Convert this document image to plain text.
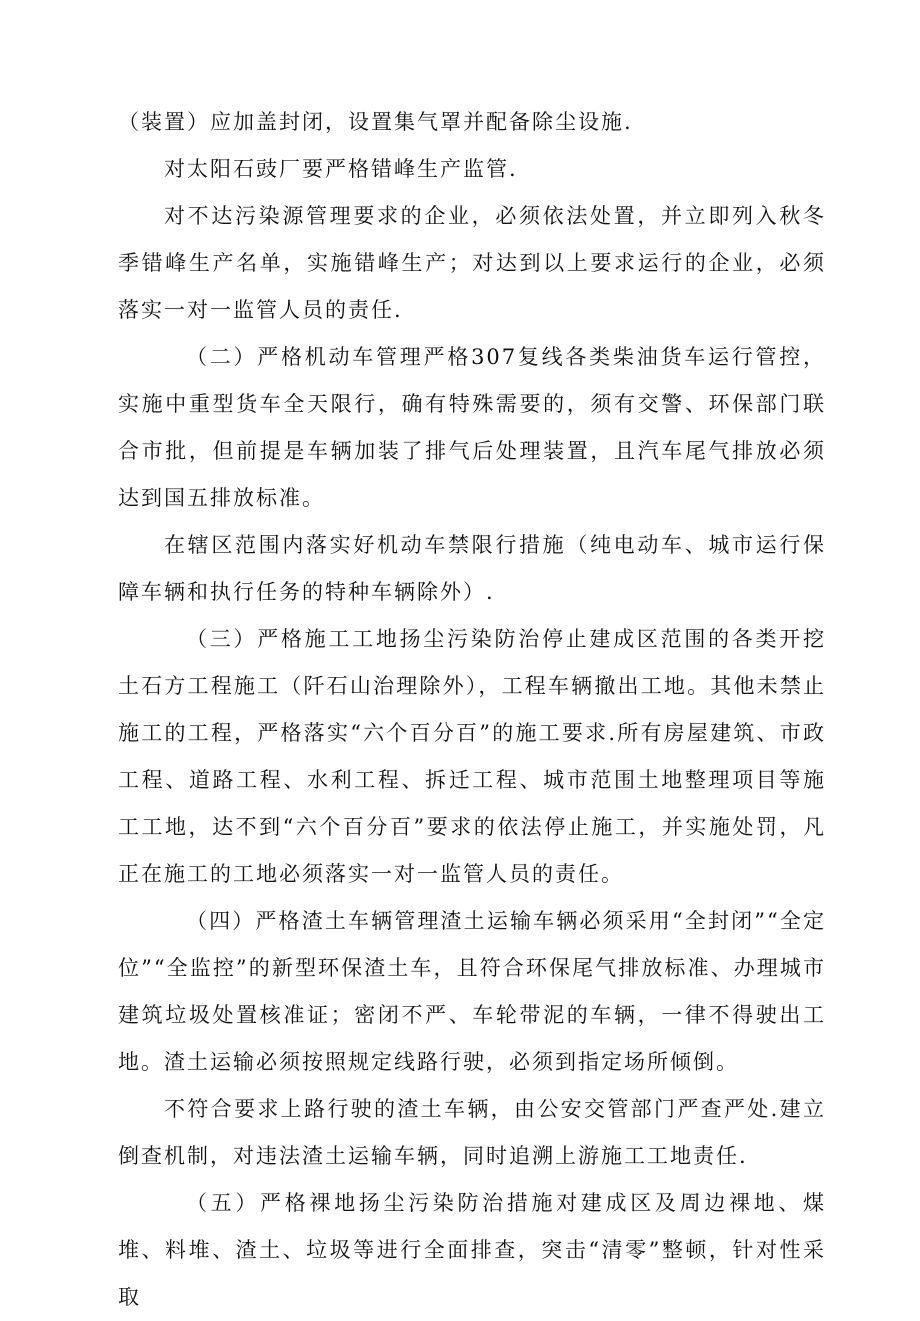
（装置）应加盖封闭，设置集气罩并配备除尘设施.

对太阳石豉厂要严格错峰生产监管.

对不达污染源管理要求的企业，必须依法处置，并立即列入秋冬季错峰生产名单，实施错峰生产；对达到以上要求运行的企业，必须落实一对一监管人员的责任.

（二）严格机动车管理严格307复线各类柴油货车运行管控，实施中重型货车全天限行，确有特殊需要的，须有交警、环保部门联合市批，但前提是车辆加装了排气后处理装置，且汽车尾气排放必须达到国五排放标准。

在辖区范围内落实好机动车禁限行措施（纯电动车、城市运行保障车辆和执行任务的特种车辆除外）.

（三）严格施工工地扬尘污染防治停止建成区范围的各类开挖土石方工程施工（阡石山治理除外），工程车辆撤出工地。其他未禁止施工的工程，严格落实“六个百分百”的施工要求.所有房屋建筑、市政工程、道路工程、水利工程、拆迁工程、城市范围土地整理项目等施工工地，达不到“六个百分百”要求的依法停止施工，并实施处罚，凡正在施工的工地必须落实一对一监管人员的责任。

（四）严格渣土车辆管理渣土运输车辆必须采用“全封闭”“全定位”“全监控”的新型环保渣土车，且符合环保尾气排放标准、办理城市建筑垃圾处置核准证；密闭不严、车轮带泥的车辆，一律不得驶出工地。渣土运输必须按照规定线路行驶，必须到指定场所倾倒。

不符合要求上路行驶的渣土车辆，由公安交管部门严查严处.建立倒查机制，对违法渣土运输车辆，同时追溯上游施工工地责任.

（五）严格裸地扬尘污染防治措施对建成区及周边裸地、煤堆、料堆、渣土、垃圾等进行全面排查，突击“清零”整顿，针对性采取
